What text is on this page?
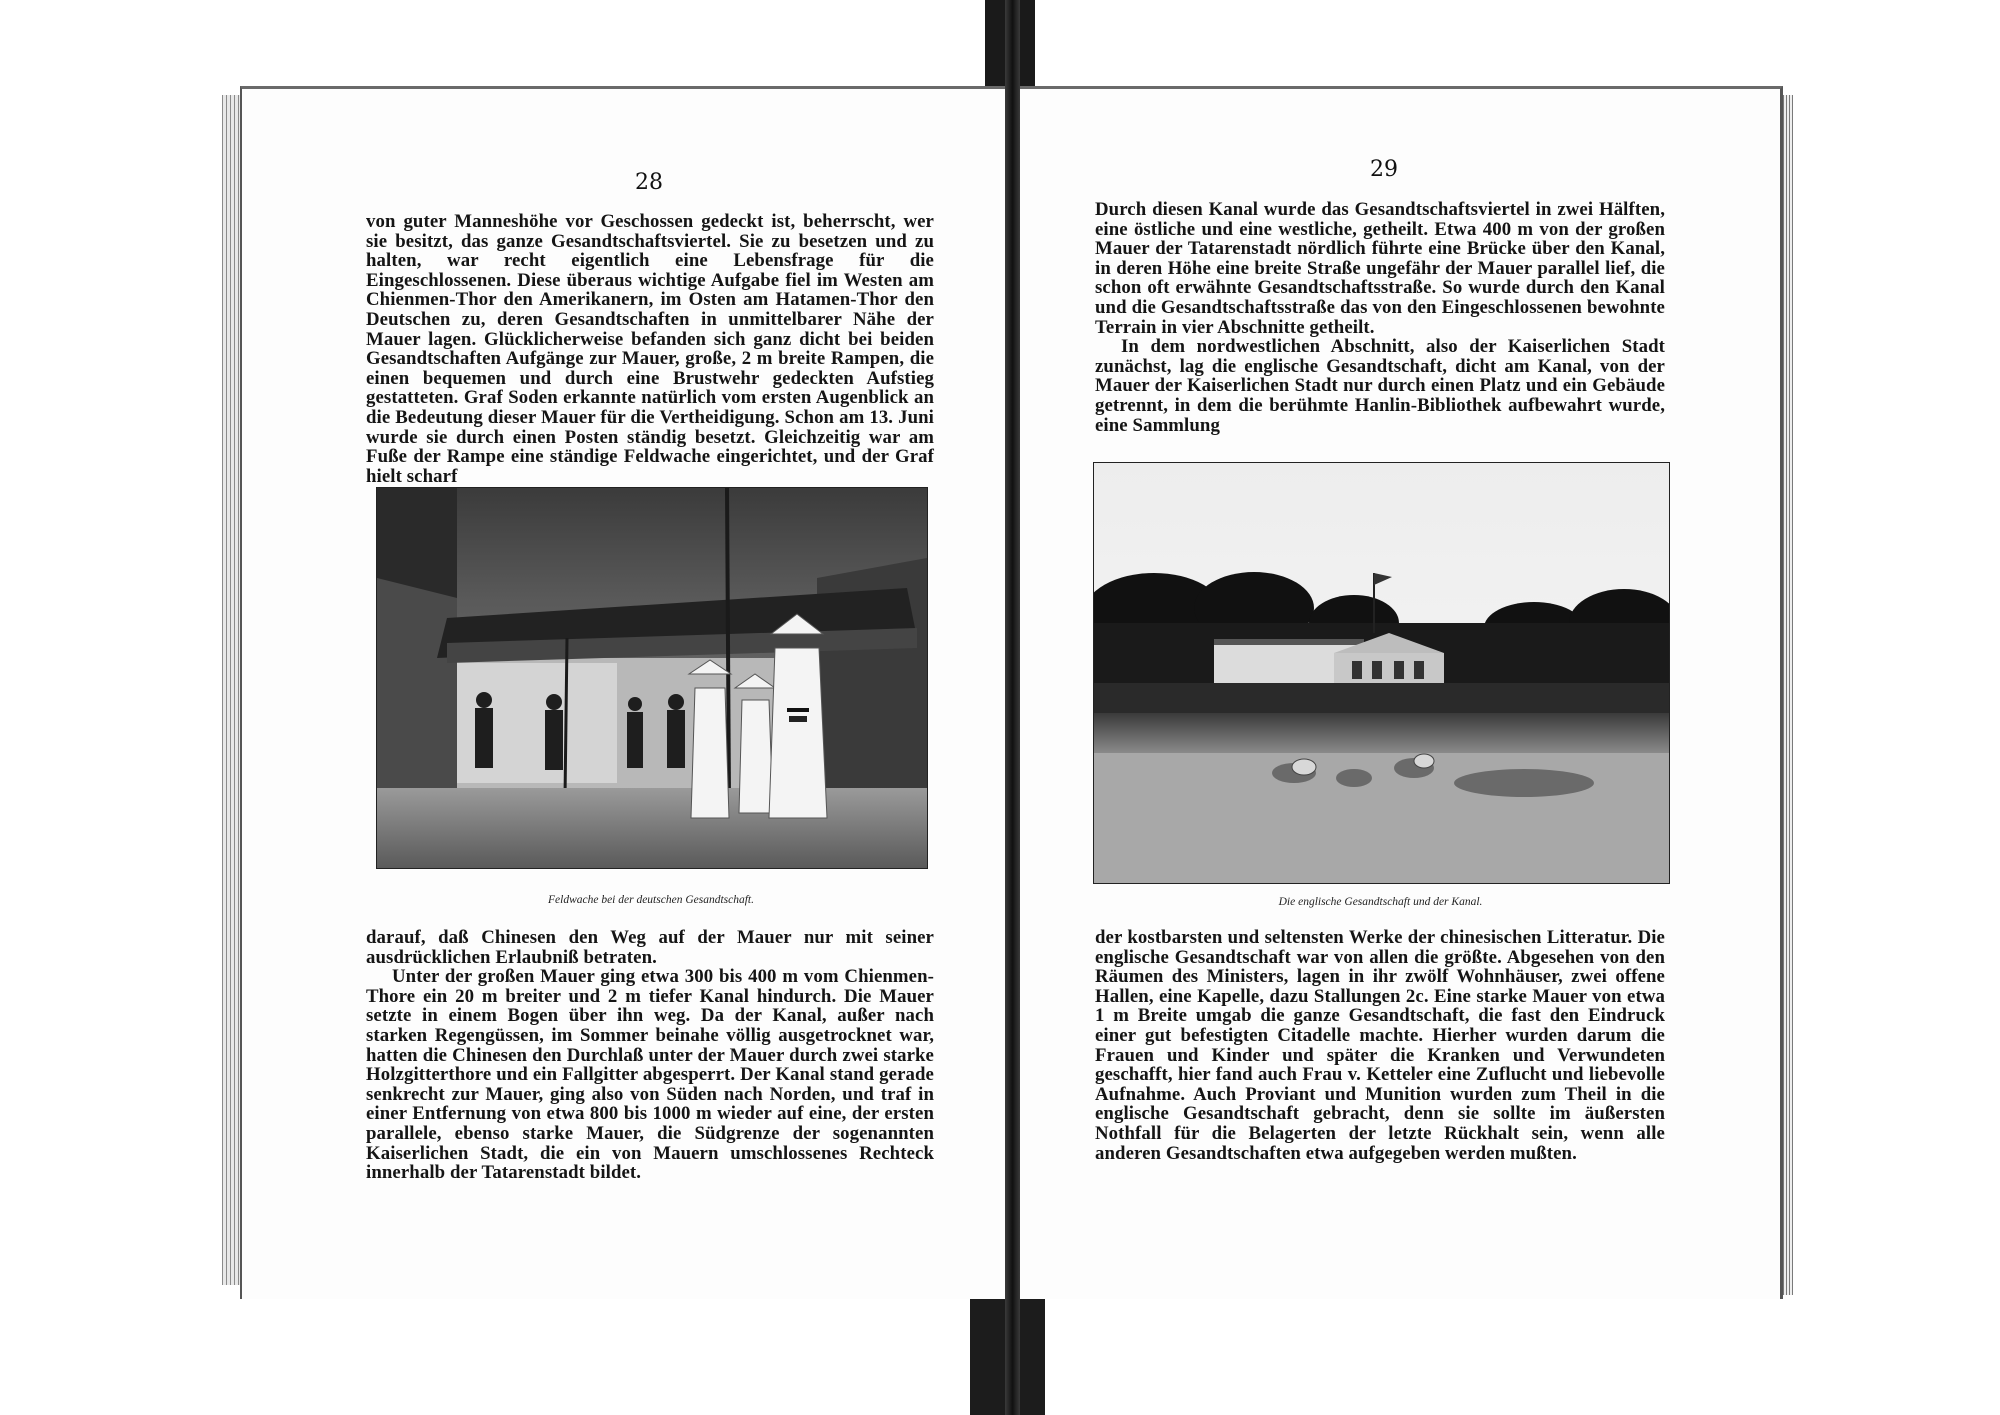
28

von guter Manneshöhe vor Geschossen gedeckt ist, beherrscht, wer sie besitzt, das ganze Gesandtschaftsviertel. Sie zu besetzen und zu halten, war recht eigentlich eine Lebensfrage für die Eingeschlossenen. Diese überaus wichtige Aufgabe fiel im Westen am Chienmen-Thor den Amerikanern, im Osten am Hatamen-Thor den Deutschen zu, deren Gesandtschaften in unmittelbarer Nähe der Mauer lagen. Glücklicherweise befanden sich ganz dicht bei beiden Gesandtschaften Aufgänge zur Mauer, große, 2 m breite Rampen, die einen bequemen und durch eine Brustwehr gedeckten Aufstieg gestatteten. Graf Soden erkannte natürlich vom ersten Augenblick an die Bedeutung dieser Mauer für die Vertheidigung. Schon am 13. Juni wurde sie durch einen Posten ständig besetzt. Gleichzeitig war am Fuße der Rampe eine ständige Feldwache eingerichtet, und der Graf hielt scharf

Feldwache bei der deutschen Gesandtschaft.

darauf, daß Chinesen den Weg auf der Mauer nur mit seiner ausdrücklichen Erlaubniß betraten.

Unter der großen Mauer ging etwa 300 bis 400 m vom Chienmen-Thore ein 20 m breiter und 2 m tiefer Kanal hindurch. Die Mauer setzte in einem Bogen über ihn weg. Da der Kanal, außer nach starken Regengüssen, im Sommer beinahe völlig ausgetrocknet war, hatten die Chinesen den Durchlaß unter der Mauer durch zwei starke Holzgitterthore und ein Fallgitter abgesperrt. Der Kanal stand gerade senkrecht zur Mauer, ging also von Süden nach Norden, und traf in einer Entfernung von etwa 800 bis 1000 m wieder auf eine, der ersten parallele, ebenso starke Mauer, die Südgrenze der sogenannten Kaiserlichen Stadt, die ein von Mauern umschlossenes Rechteck innerhalb der Tatarenstadt bildet.

29

Durch diesen Kanal wurde das Gesandtschaftsviertel in zwei Hälften, eine östliche und eine westliche, getheilt. Etwa 400 m von der großen Mauer der Tatarenstadt nördlich führte eine Brücke über den Kanal, in deren Höhe eine breite Straße ungefähr der Mauer parallel lief, die schon oft erwähnte Gesandtschaftsstraße. So wurde durch den Kanal und die Gesandtschaftsstraße das von den Eingeschlossenen bewohnte Terrain in vier Abschnitte getheilt.

In dem nordwestlichen Abschnitt, also der Kaiserlichen Stadt zunächst, lag die englische Gesandtschaft, dicht am Kanal, von der Mauer der Kaiserlichen Stadt nur durch einen Platz und ein Gebäude getrennt, in dem die berühmte Hanlin-Bibliothek aufbewahrt wurde, eine Sammlung

Die englische Gesandtschaft und der Kanal.

der kostbarsten und seltensten Werke der chinesischen Litteratur. Die englische Gesandtschaft war von allen die größte. Abgesehen von den Räumen des Ministers, lagen in ihr zwölf Wohnhäuser, zwei offene Hallen, eine Kapelle, dazu Stallungen 2c. Eine starke Mauer von etwa 1 m Breite umgab die ganze Gesandtschaft, die fast den Eindruck einer gut befestigten Citadelle machte. Hierher wurden darum die Frauen und Kinder und später die Kranken und Verwundeten geschafft, hier fand auch Frau v. Ketteler eine Zuflucht und liebevolle Aufnahme. Auch Proviant und Munition wurden zum Theil in die englische Gesandtschaft gebracht, denn sie sollte im äußersten Nothfall für die Belagerten der letzte Rückhalt sein, wenn alle anderen Gesandtschaften etwa aufgegeben werden mußten.
